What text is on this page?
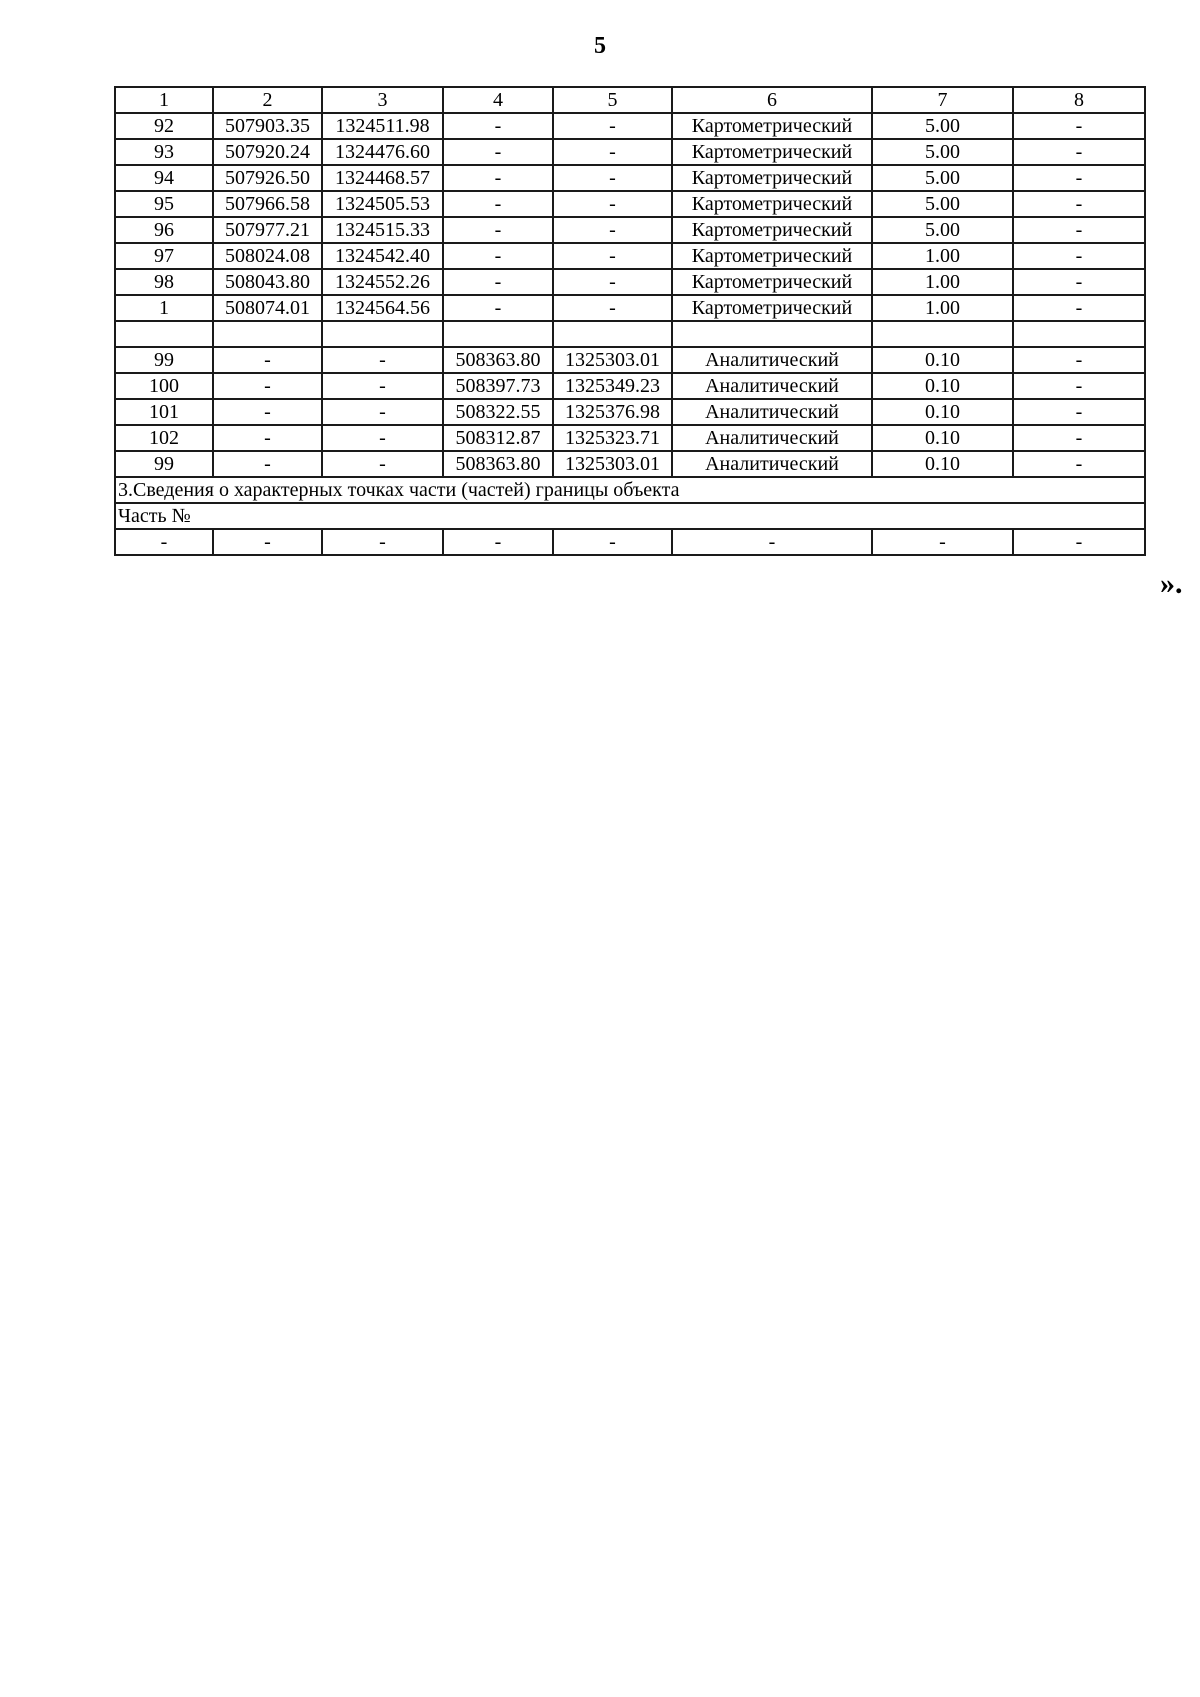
5
1	2	3	4	5	6	7	8
92	507903.35	1324511.98	-	-	Картометрический	5.00	-
93	507920.24	1324476.60	-	-	Картометрический	5.00	-
94	507926.50	1324468.57	-	-	Картометрический	5.00	-
95	507966.58	1324505.53	-	-	Картометрический	5.00	-
96	507977.21	1324515.33	-	-	Картометрический	5.00	-
97	508024.08	1324542.40	-	-	Картометрический	1.00	-
98	508043.80	1324552.26	-	-	Картометрический	1.00	-
1	508074.01	1324564.56	-	-	Картометрический	1.00	-

99	-	-	508363.80	1325303.01	Аналитический	0.10	-
100	-	-	508397.73	1325349.23	Аналитический	0.10	-
101	-	-	508322.55	1325376.98	Аналитический	0.10	-
102	-	-	508312.87	1325323.71	Аналитический	0.10	-
99	-	-	508363.80	1325303.01	Аналитический	0.10	-
3.Сведения о характерных точках части (частей) границы объекта							
Часть №							
-	-	-	-	-	-	-	-
».
